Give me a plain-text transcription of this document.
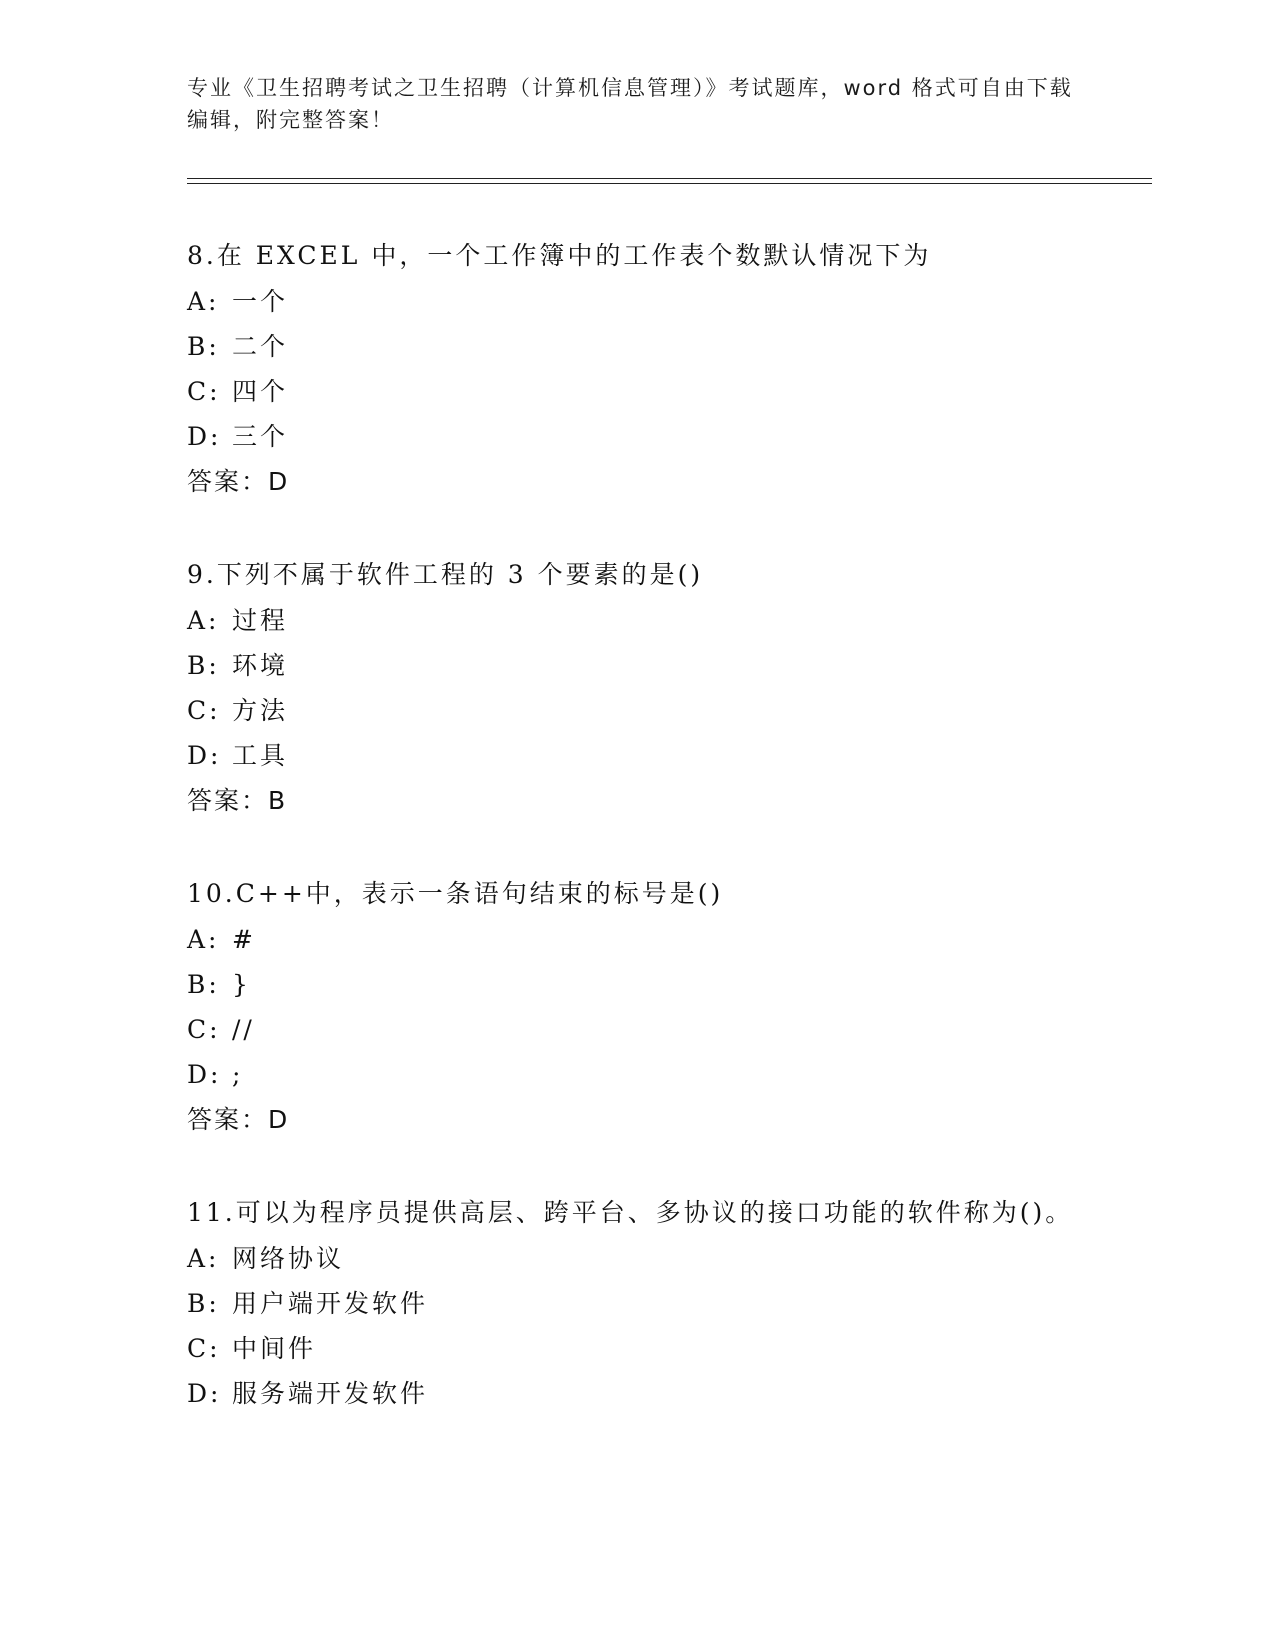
专业《卫生招聘考试之卫生招聘（计算机信息管理）》考试题库，word 格式可自由下载编辑，附完整答案！
8.在 EXCEL 中，一个工作簿中的工作表个数默认情况下为
A: 一个
B: 二个
C: 四个
D: 三个
答案：D
9.下列不属于软件工程的 3 个要素的是()
A: 过程
B: 环境
C: 方法
D: 工具
答案：B
10.C++中，表示一条语句结束的标号是()
A: #
B: }
C: //
D: ;
答案：D
11.可以为程序员提供高层、跨平台、多协议的接口功能的软件称为()。
A: 网络协议
B: 用户端开发软件
C: 中间件
D: 服务端开发软件
